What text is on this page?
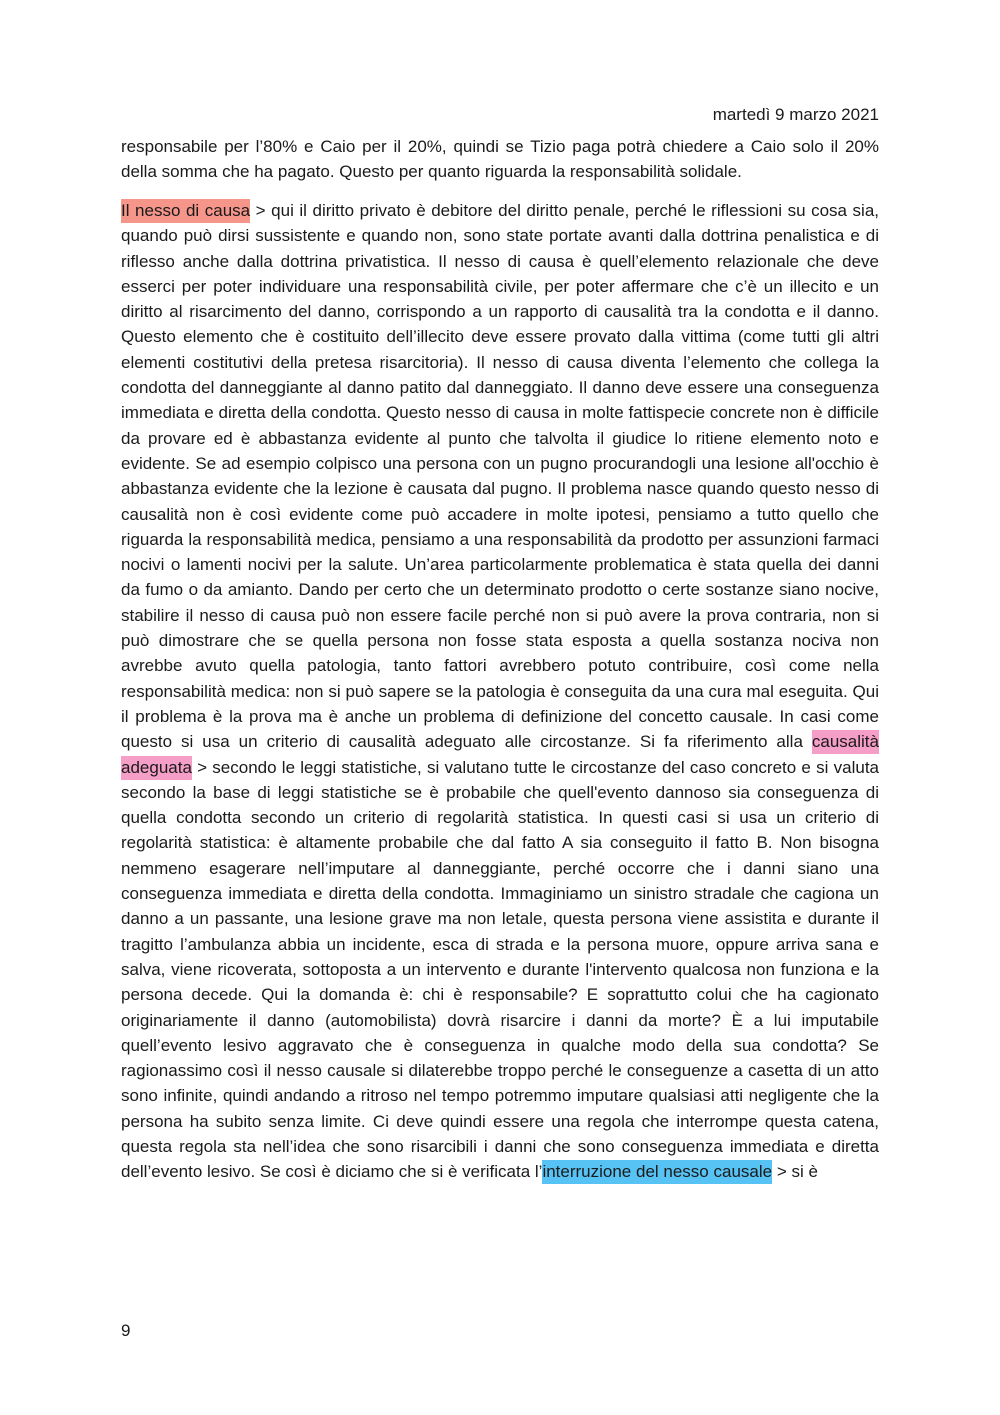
martedì 9 marzo 2021

responsabile per l’80% e Caio per il 20%, quindi se Tizio paga potrà chiedere a Caio solo il 20% della somma che ha pagato. Questo per quanto riguarda la responsabilità solidale.

Il nesso di causa > qui il diritto privato è debitore del diritto penale, perché le riflessioni su cosa sia, quando può dirsi sussistente e quando non, sono state portate avanti dalla dottrina penalistica e di riflesso anche dalla dottrina privatistica. Il nesso di causa è quell’elemento relazionale che deve esserci per poter individuare una responsabilità civile, per poter affermare che c’è un illecito e un diritto al risarcimento del danno, corrispondo a un rapporto di causalità tra la condotta e il danno. Questo elemento che è costituito dell’illecito deve essere provato dalla vittima (come tutti gli altri elementi costitutivi della pretesa risarcitoria). Il nesso di causa diventa l’elemento che collega la condotta del danneggiante al danno patito dal danneggiato. Il danno deve essere una conseguenza immediata e diretta della condotta. Questo nesso di causa in molte fattispecie concrete non è difficile da provare ed è abbastanza evidente al punto che talvolta il giudice lo ritiene elemento noto e evidente. Se ad esempio colpisco una persona con un pugno procurandogli una lesione all'occhio è abbastanza evidente che la lezione è causata dal pugno. Il problema nasce quando questo nesso di causalità non è così evidente come può accadere in molte ipotesi, pensiamo a tutto quello che riguarda la responsabilità medica, pensiamo a una responsabilità da prodotto per assunzioni farmaci nocivi o lamenti nocivi per la salute. Un’area particolarmente problematica è stata quella dei danni da fumo o da amianto. Dando per certo che un determinato prodotto o certe sostanze siano nocive, stabilire il nesso di causa può non essere facile perché non si può avere la prova contraria, non si può dimostrare che se quella persona non fosse stata esposta a quella sostanza nociva non avrebbe avuto quella patologia, tanto fattori avrebbero potuto contribuire, così come nella responsabilità medica: non si può sapere se la patologia è conseguita da una cura mal eseguita. Qui il problema è la prova ma è anche un problema di definizione del concetto causale. In casi come questo si usa un criterio di causalità adeguato alle circostanze. Si fa riferimento alla causalità adeguata > secondo le leggi statistiche, si valutano tutte le circostanze del caso concreto e si valuta secondo la base di leggi statistiche se è probabile che quell'evento dannoso sia conseguenza di quella condotta secondo un criterio di regolarità statistica. In questi casi si usa un criterio di regolarità statistica: è altamente probabile che dal fatto A sia conseguito il fatto B. Non bisogna nemmeno esagerare nell’imputare al danneggiante, perché occorre che i danni siano una conseguenza immediata e diretta della condotta. Immaginiamo un sinistro stradale che cagiona un danno a un passante, una lesione grave ma non letale, questa persona viene assistita e durante il tragitto l’ambulanza abbia un incidente, esca di strada e la persona muore, oppure arriva sana e salva, viene ricoverata, sottoposta a un intervento e durante l'intervento qualcosa non funziona e la persona decede. Qui la domanda è: chi è responsabile? E soprattutto colui che ha cagionato originariamente il danno (automobilista) dovrà risarcire i danni da morte? È a lui imputabile quell’evento lesivo aggravato che è conseguenza in qualche modo della sua condotta? Se ragionassimo così il nesso causale si dilaterebbe troppo perché le conseguenze a casetta di un atto sono infinite, quindi andando a ritroso nel tempo potremmo imputare qualsiasi atti negligente che la persona ha subito senza limite. Ci deve quindi essere una regola che interrompe questa catena, questa regola sta nell’idea che sono risarcibili i danni che sono conseguenza immediata e diretta dell’evento lesivo. Se così è diciamo che si è verificata l’interruzione del nesso causale > si è

9
